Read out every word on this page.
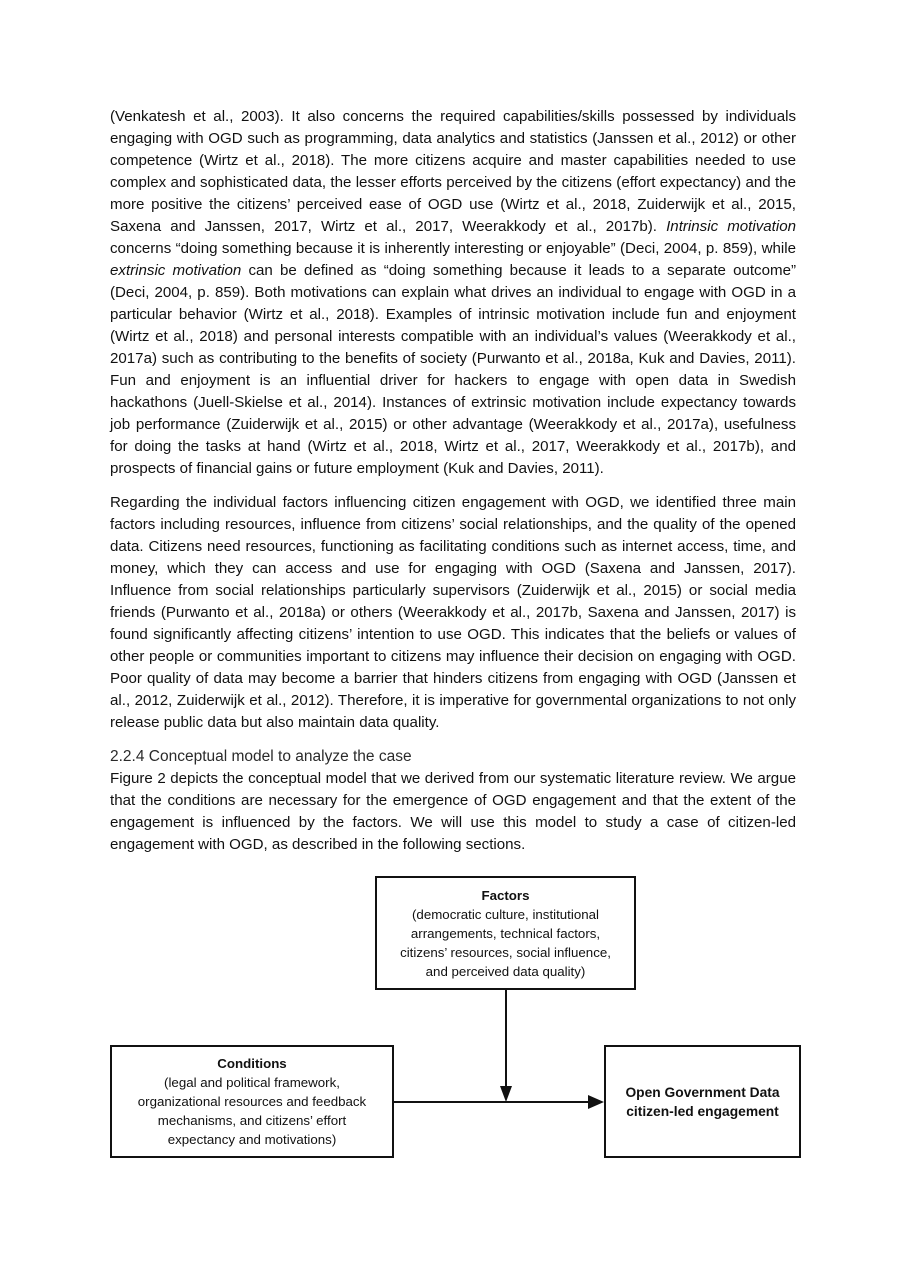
(Venkatesh et al., 2003). It also concerns the required capabilities/skills possessed by individuals engaging with OGD such as programming, data analytics and statistics (Janssen et al., 2012) or other competence (Wirtz et al., 2018). The more citizens acquire and master capabilities needed to use complex and sophisticated data, the lesser efforts perceived by the citizens (effort expectancy) and the more positive the citizens’ perceived ease of OGD use (Wirtz et al., 2018, Zuiderwijk et al., 2015, Saxena and Janssen, 2017, Wirtz et al., 2017, Weerakkody et al., 2017b). Intrinsic motivation concerns “doing something because it is inherently interesting or enjoyable” (Deci, 2004, p. 859), while extrinsic motivation can be defined as “doing something because it leads to a separate outcome” (Deci, 2004, p. 859). Both motivations can explain what drives an individual to engage with OGD in a particular behavior (Wirtz et al., 2018). Examples of intrinsic motivation include fun and enjoyment (Wirtz et al., 2018) and personal interests compatible with an individual’s values (Weerakkody et al., 2017a) such as contributing to the benefits of society (Purwanto et al., 2018a, Kuk and Davies, 2011). Fun and enjoyment is an influential driver for hackers to engage with open data in Swedish hackathons (Juell-Skielse et al., 2014). Instances of extrinsic motivation include expectancy towards job performance (Zuiderwijk et al., 2015) or other advantage (Weerakkody et al., 2017a), usefulness for doing the tasks at hand (Wirtz et al., 2018, Wirtz et al., 2017, Weerakkody et al., 2017b), and prospects of financial gains or future employment (Kuk and Davies, 2011).

Regarding the individual factors influencing citizen engagement with OGD, we identified three main factors including resources, influence from citizens’ social relationships, and the quality of the opened data. Citizens need resources, functioning as facilitating conditions such as internet access, time, and money, which they can access and use for engaging with OGD (Saxena and Janssen, 2017). Influence from social relationships particularly supervisors (Zuiderwijk et al., 2015) or social media friends (Purwanto et al., 2018a) or others (Weerakkody et al., 2017b, Saxena and Janssen, 2017) is found significantly affecting citizens’ intention to use OGD. This indicates that the beliefs or values of other people or communities important to citizens may influence their decision on engaging with OGD. Poor quality of data may become a barrier that hinders citizens from engaging with OGD (Janssen et al., 2012, Zuiderwijk et al., 2012). Therefore, it is imperative for governmental organizations to not only release public data but also maintain data quality.

2.2.4 Conceptual model to analyze the case

Figure 2 depicts the conceptual model that we derived from our systematic literature review. We argue that the conditions are necessary for the emergence of OGD engagement and that the extent of the engagement is influenced by the factors. We will use this model to study a case of citizen-led engagement with OGD, as described in the following sections.

Factors
(democratic culture, institutional
arrangements, technical factors,
citizens’ resources, social influence,
and perceived data quality)
Conditions
(legal and political framework,
organizational resources and feedback
mechanisms, and citizens’ effort
expectancy and motivations)
Open Government Data
citizen-led engagement
